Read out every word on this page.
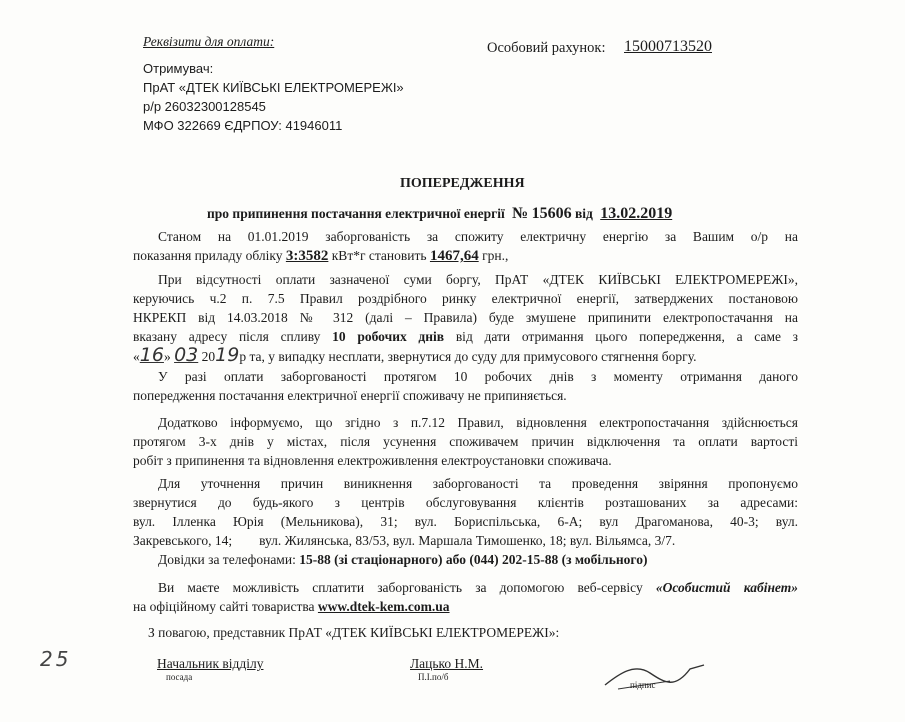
Реквізити для оплати:	Особовий рахунок: 15000713520
Отримувач:
ПрАТ «ДТЕК КИЇВСЬКІ ЕЛЕКТРОМЕРЕЖІ»
р/р 26032300128545
МФО 322669 ЄДРПОУ: 41946011
ПОПЕРЕДЖЕННЯ
про припинення постачання електричної енергії № 15606 від 13.02.2019
Станом на 01.01.2019 заборгованість за спожиту електричну енергію за Вашим о/р на
показання приладу обліку 3:3582 кВт*г становить 1467,64 грн.,
При відсутності оплати зазначеної суми боргу, ПрАТ «ДТЕК КИЇВСЬКІ ЕЛЕКТРОМЕРЕЖІ»,
керуючись ч.2 п. 7.5 Правил роздрібного ринку електричної енергії, затверджених постановою
НКРЕКП від 14.03.2018 № 312 (далі – Правила) буде змушене припинити електропостачання на
вказану адресу після спливу 10 робочих днів від дати отримання цього попередження, а саме з
«16» 03 2019р та, у випадку несплати, звернутися до суду для примусового стягнення боргу.
У разі оплати заборгованості протягом 10 робочих днів з моменту отримання даного
попередження постачання електричної енергії споживачу не припиняється.
Додатково інформуємо, що згідно з п.7.12 Правил, відновлення електропостачання здійснюється
протягом 3-х днів у містах, після усунення споживачем причин відключення та оплати вартості
робіт з припинення та відновлення електроживлення електроустановки споживача.
Для уточнення причин виникнення заборгованості та проведення звіряння пропонуємо
звернутися до будь-якого з центрів обслуговування клієнтів розташованих за адресами:
вул. Ілленка Юрія (Мельникова), 31; вул. Бориспільська, 6-А; вул Драгоманова, 40-3; вул.
Закревського, 14;        вул. Жилянська, 83/53, вул. Маршала Тимошенко, 18; вул. Вільямса, 3/7.
Довідки за телефонами: 15-88 (зі стаціонарного) або (044) 202-15-88 (з мобільного)
Ви маєте можливість сплатити заборгованість за допомогою веб-сервісу «Особистий кабінет»
на офіційному сайті товариства www.dtek-kem.com.ua
З повагою, представник ПрАТ «ДТЕК КИЇВСЬКІ ЕЛЕКТРОМЕРЕЖІ»:
25	Начальник відділу
посада
Лацько Н.М.
П.І.по/б
підпис
